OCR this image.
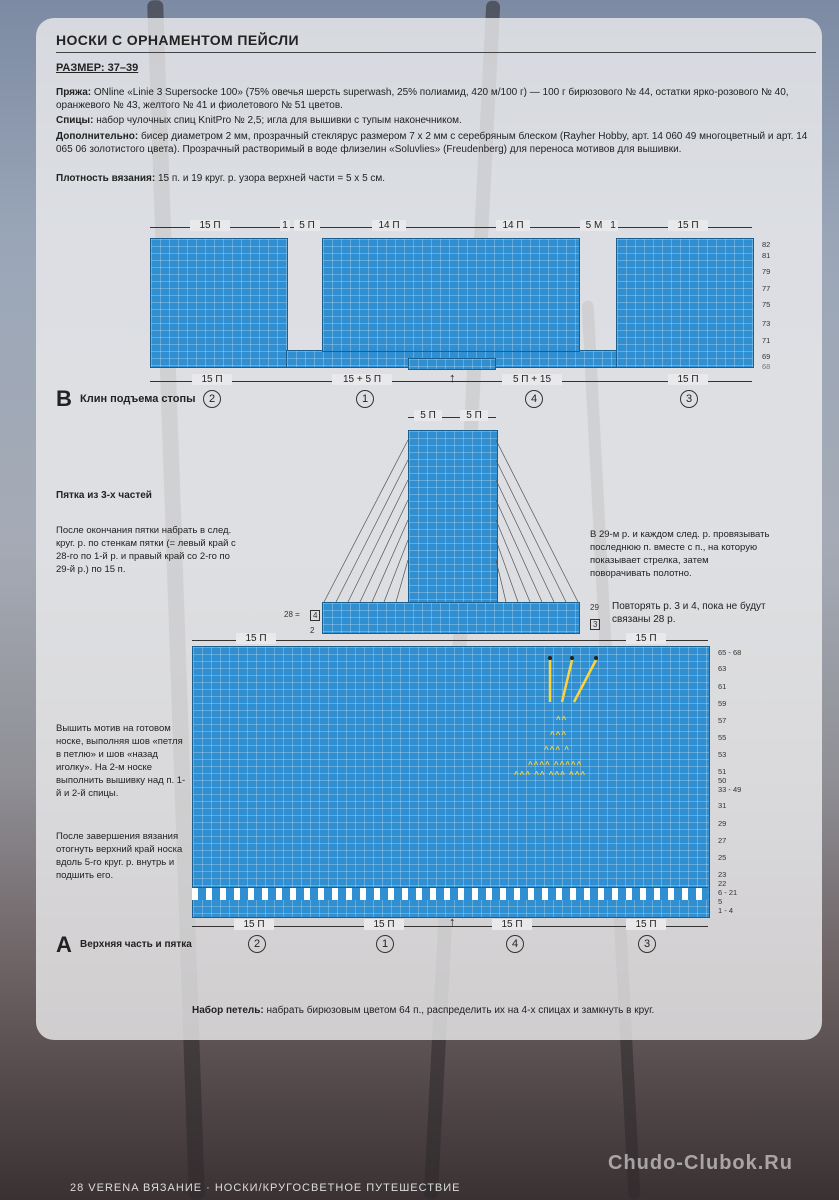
НОСКИ С ОРНАМЕНТОМ ПЕЙСЛИ
РАЗМЕР: 37–39
Пряжа: ONline «Linie 3 Supersocke 100» (75% овечья шерсть superwash, 25% полиамид, 420 м/100 г) — 100 г бирюзового № 44, остатки ярко-розового № 40, оранжевого № 43, желтого № 41 и фиолетового № 51 цветов.
Спицы: набор чулочных спиц KnitPro № 2,5; игла для вышивки с тупым наконечником.
Дополнительно: бисер диаметром 2 мм, прозрачный стеклярус размером 7 х 2 мм с серебряным блеском (Rayher Hobby, арт. 14 060 49 многоцветный и арт. 14 065 06 золотистого цвета). Прозрачный растворимый в воде флизелин «Soluvlies» (Freudenberg) для переноса мотивов для вышивки.
Плотность вязания: 15 п. и 19 круг. р. узора верхней части = 5 х 5 см.
15 П	1	5 П	14 П	14 П	5 М 1	15 П
82
81
79
77
75
73
71
69
68
15 П	15 + 5 П	↑	5 П + 15	15 П
2	1	4	3
В Клин подъема стопы
5 П	5 П
28 =	4
2
29
3
Пятка из 3-х частей
После окончания пятки набрать в след. круг. р. по стенкам пятки (= левый край с 28-го по 1-й р. и правый край со 2-го по 29-й р.) по 15 п.
В 29-м р. и каждом след. р. провязывать последнюю п. вместе с п., на которую показывает стрелка, затем поворачивать полотно.
Повторять р. 3 и 4, пока не будут связаны 28 р.
15 П	15 П
^^
^^^
^^^ ^
^^^^ ^^^^^
^^^ ^^ ^^^ ^^^
65 - 68
63
61
59
57
55
53
51
50
33 - 49
31
29
27
25
23
22
6 - 21
5
1 - 4
15 П	15 П	↑	15 П	15 П
2	1	4	3
А Верхняя часть и пятка
Вышить мотив на готовом носке, выполняя шов «петля в петлю» и шов «назад иголку». На 2-м носке выполнить вышивку над п. 1-й и 2-й спицы.
После завершения вязания отогнуть верхний край носка вдоль 5-го круг. р. внутрь и подшить его.
Набор петель: набрать бирюзовым цветом 64 п., распределить их на 4-х спицах и замкнуть в круг.
Chudo-Clubok.Ru
28 VERENA ВЯЗАНИЕ · НОСКИ/КРУГОСВЕТНОЕ ПУТЕШЕСТВИЕ
